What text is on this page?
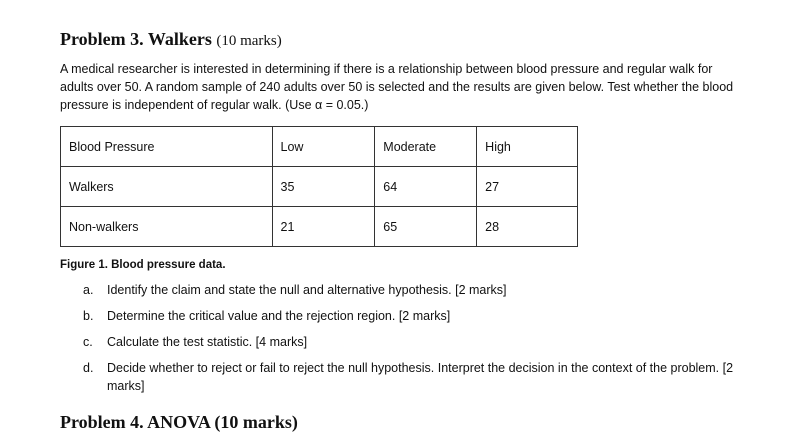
Problem 3. Walkers (10 marks)

A medical researcher is interested in determining if there is a relationship between blood pressure and regular walk for adults over 50. A random sample of 240 adults over 50 is selected and the results are given below. Test whether the blood pressure is independent of regular walk. (Use α = 0.05.)

Blood Pressure	Low	Moderate	High
Walkers	35	64	27
Non-walkers	21	65	28
Figure 1. Blood pressure data.
a. Identify the claim and state the null and alternative hypothesis. [2 marks]
b. Determine the critical value and the rejection region. [2 marks]
c. Calculate the test statistic. [4 marks]
d. Decide whether to reject or fail to reject the null hypothesis. Interpret the decision in the context of the problem. [2 marks]
Problem 4. ANOVA (10 marks)
